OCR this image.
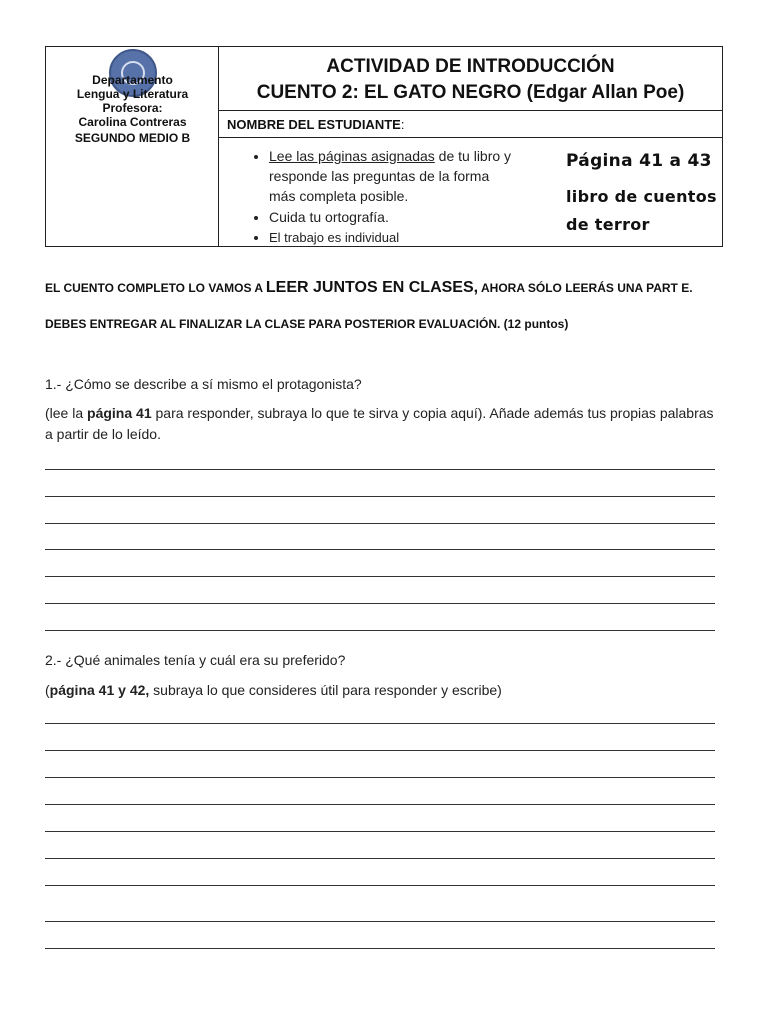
Departamento
Lengua y Literatura
Profesora:
Carolina Contreras
SEGUNDO MEDIO B
ACTIVIDAD DE INTRODUCCIÓN
CUENTO 2: EL GATO NEGRO (Edgar Allan Poe)
NOMBRE DEL ESTUDIANTE:
• Lee las páginas asignadas de tu libro y
responde las preguntas de la forma
más completa posible.
• Cuida tu ortografía.
• El trabajo es individual
Página 41 a 43
libro de cuentos
de terror
EL CUENTO COMPLETO LO VAMOS A LEER JUNTOS EN CLASES, AHORA SÓLO LEERÁS UNA PART E.
DEBES ENTREGAR AL FINALIZAR LA CLASE PARA POSTERIOR EVALUACIÓN. (12 puntos)
1.- ¿Cómo se describe a sí mismo el protagonista?
(lee la página 41 para responder, subraya lo que te sirva y copia aquí). Añade además tus propias palabras a partir de lo leído.
2.- ¿Qué animales tenía y cuál era su preferido?
(página 41 y 42, subraya lo que consideres útil para responder y escribe)
